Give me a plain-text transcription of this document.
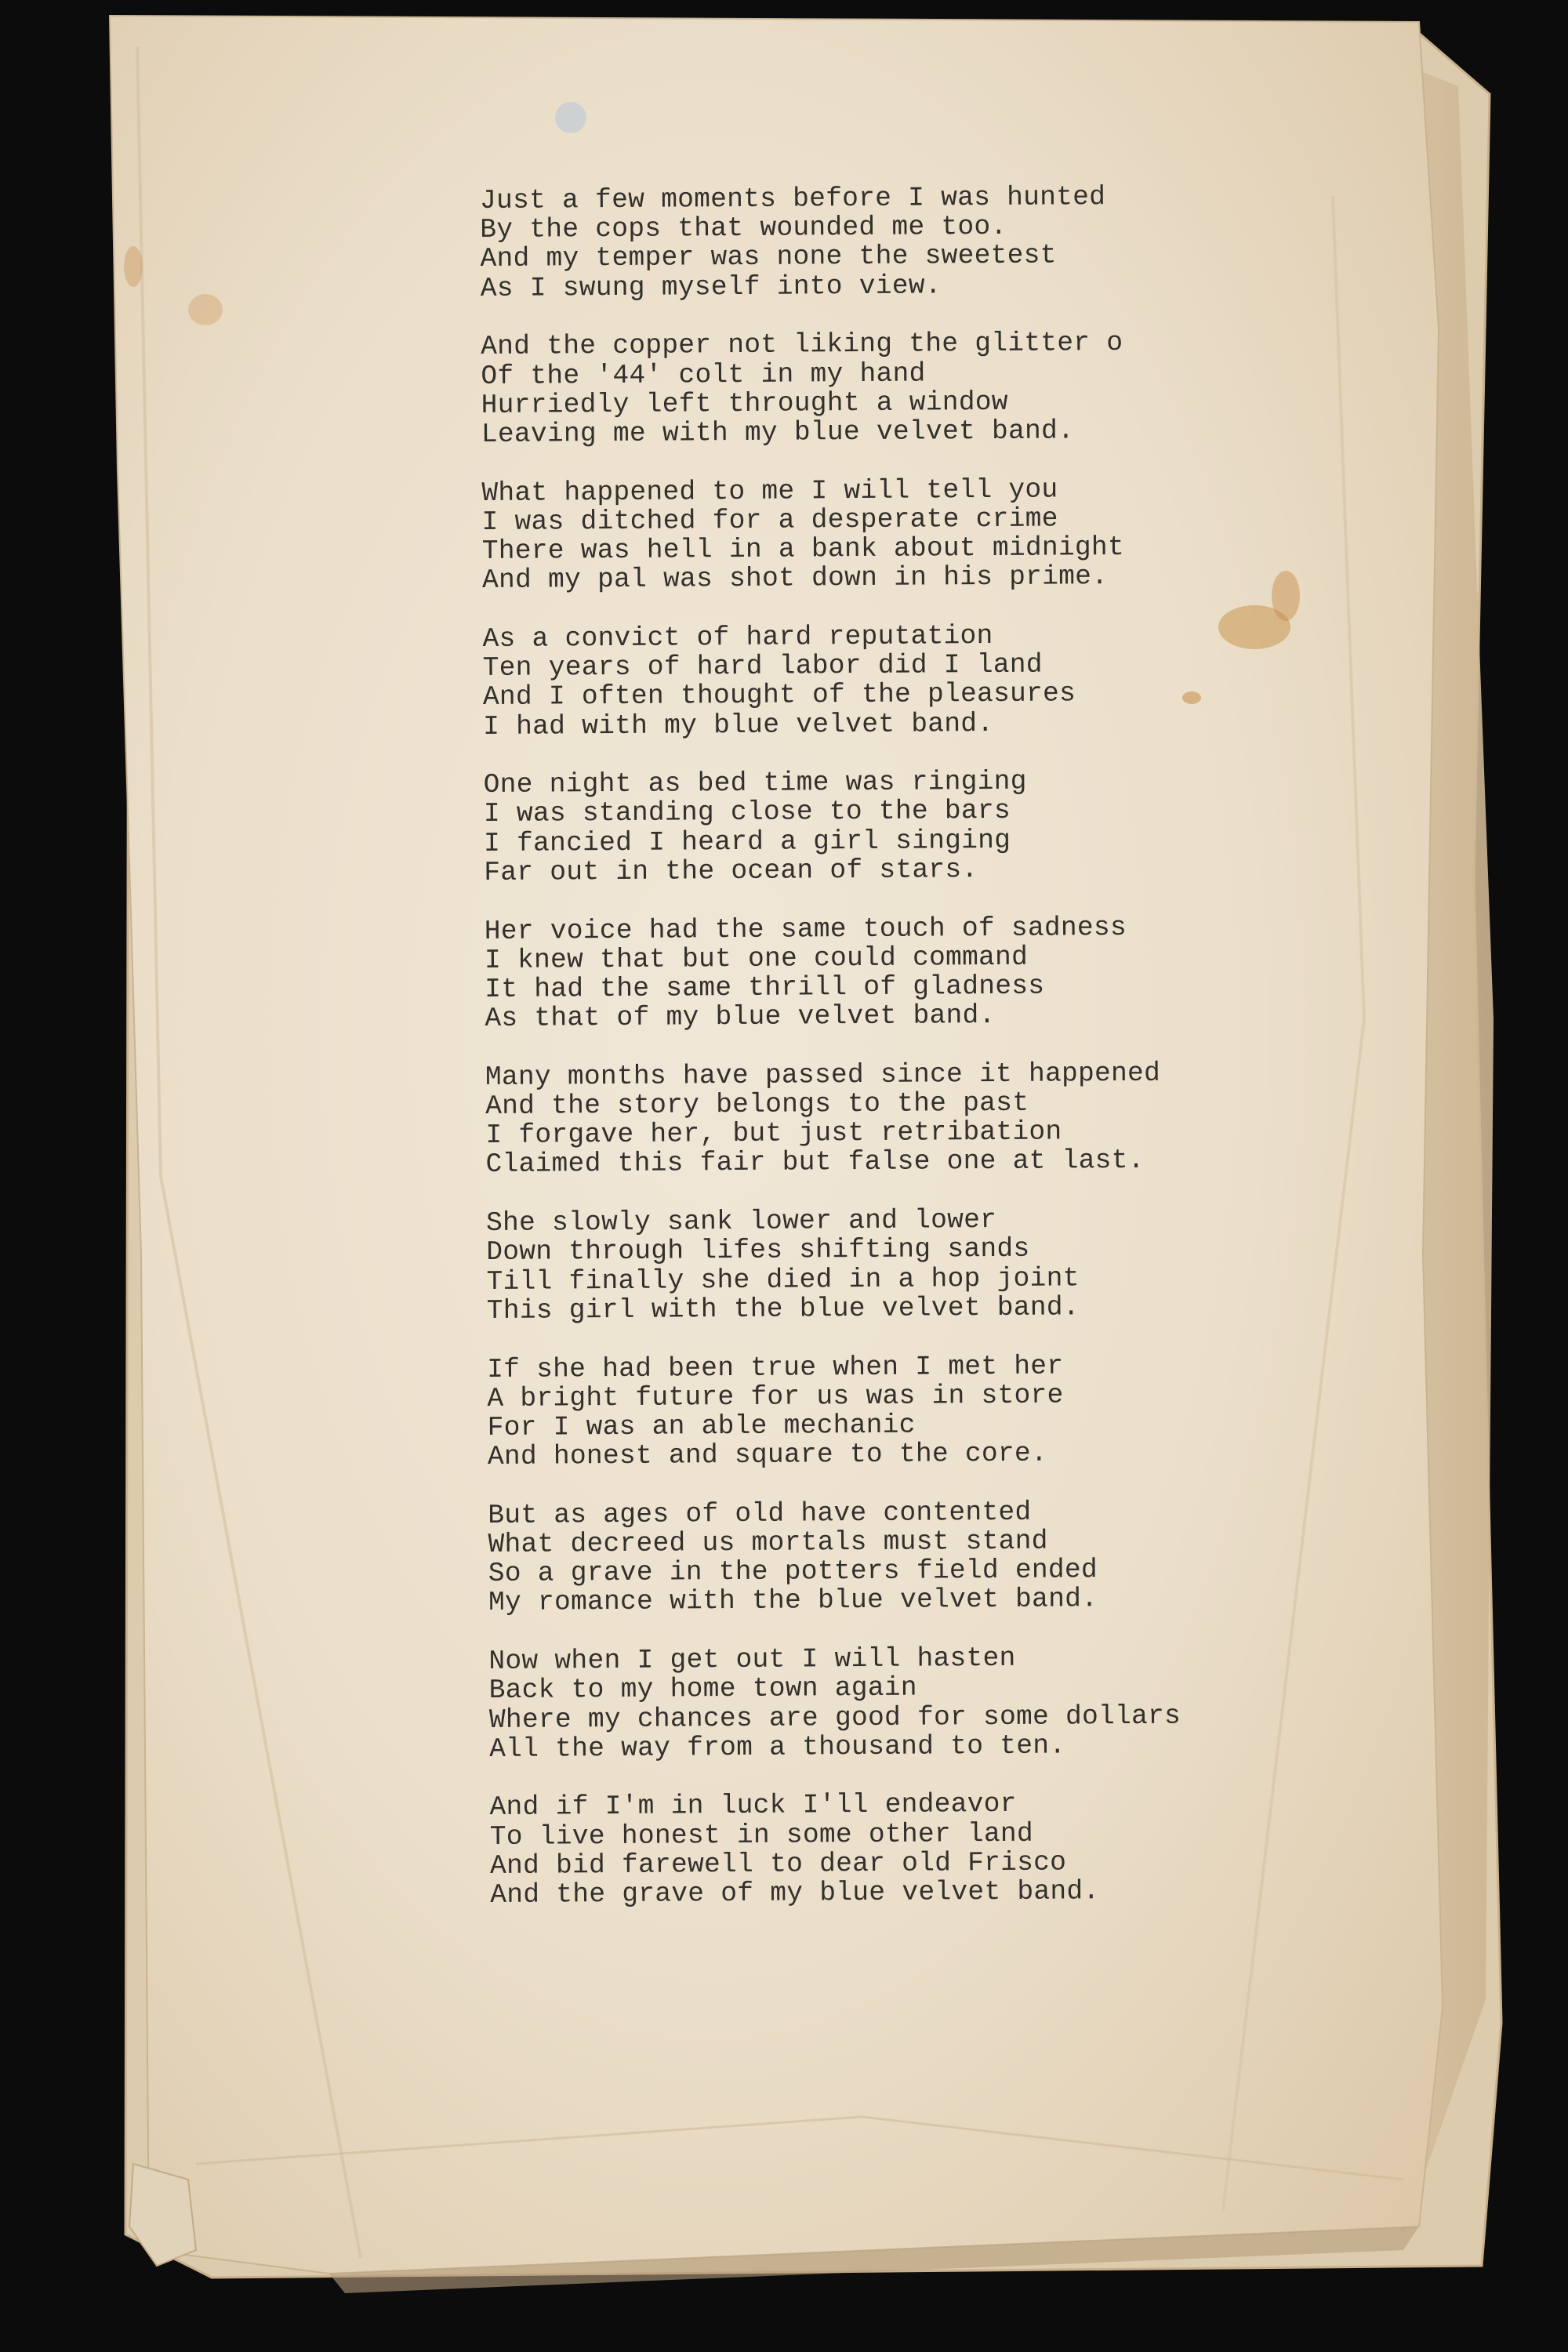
Just a few moments before I was hunted
By the cops that wounded me too.
And my temper was none the sweetest
As I swung myself into view.
And the copper not liking the glitter o
Of the '44' colt in my hand
Hurriedly left throught a window
Leaving me with my blue velvet band.
What happened to me I will tell you
I was ditched for a desperate crime
There was hell in a bank about midnight
And my pal was shot down in his prime.
As a convict of hard reputation
Ten years of hard labor did I land
And I often thought of the pleasures
I had with my blue velvet band.
One night as bed time was ringing
I was standing close to the bars
I fancied I heard a girl singing
Far out in the ocean of stars.
Her voice had the same touch of sadness
I knew that but one could command
It had the same thrill of gladness
As that of my blue velvet band.
Many months have passed since it happened
And the story belongs to the past
I forgave her, but just retribation
Claimed this fair but false one at last.
She slowly sank lower and lower
Down through lifes shifting sands
Till finally she died in a hop joint
This girl with the blue velvet band.
If she had been true when I met her
A bright future for us was in store
For I was an able mechanic
And honest and square to the core.
But as ages of old have contented
What decreed us mortals must stand
So a grave in the potters field ended
My romance with the blue velvet band.
Now when I get out I will hasten
Back to my home town again
Where my chances are good for some dollars
All the way from a thousand to ten.
And if I'm in luck I'll endeavor
To live honest in some other land
And bid farewell to dear old Frisco
And the grave of my blue velvet band.
